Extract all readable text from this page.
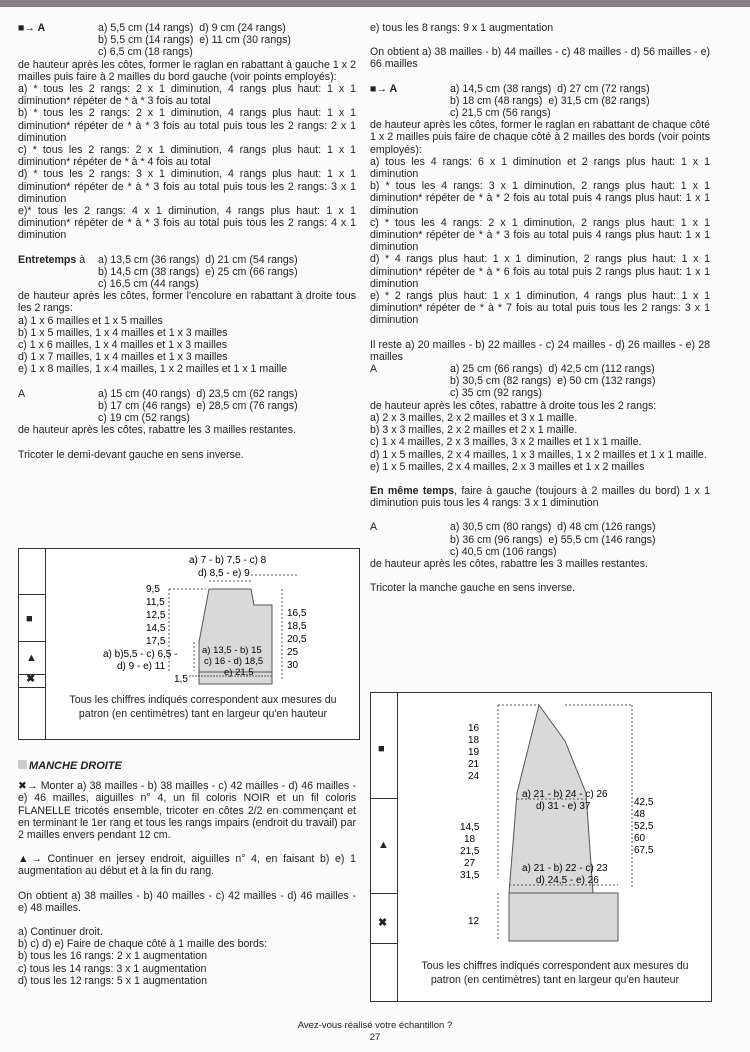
■→ A	a) 5,5 cm (14 rangs) d) 9 cm (24 rangs)
b) 5,5 cm (14 rangs) e) 11 cm (30 rangs)
c) 6,5 cm (18 rangs)

de hauteur après les côtes, former le raglan en rabattant à gauche 1 x 2 mailles puis faire à 2 mailles du bord gauche (voir points employés):

a) * tous les 2 rangs: 2 x 1 diminution, 4 rangs plus haut: 1 x 1 diminution* répéter de * à * 3 fois au total

b) * tous les 2 rangs: 2 x 1 diminution, 4 rangs plus haut: 1 x 1 diminution* répéter de * à * 3 fois au total puis tous les 2 rangs: 2 x 1 diminution

c) * tous les 2 rangs: 2 x 1 diminution, 4 rangs plus haut: 1 x 1 diminution* répéter de * à * 4 fois au total

d) * tous les 2 rangs: 3 x 1 diminution, 4 rangs plus haut: 1 x 1 diminution* répéter de * à * 3 fois au total puis tous les 2 rangs: 3 x 1 diminution

e)* tous les 2 rangs: 4 x 1 diminution, 4 rangs plus haut: 1 x 1 diminution* répéter de * à * 3 fois au total puis tous les 2 rangs: 4 x 1 diminution

Entretemps à	a) 13,5 cm (36 rangs) d) 21 cm (54 rangs)
b) 14,5 cm (38 rangs) e) 25 cm (66 rangs)
c) 16,5 cm (44 rangs)

de hauteur après les côtes, former l'encolure en rabattant à droite tous les 2 rangs:

a) 1 x 6 mailles et 1 x 5 mailles

b) 1 x 5 mailles, 1 x 4 mailles et 1 x 3 mailles

c) 1 x 6 mailles, 1 x 4 mailles et 1 x 3 mailles

d) 1 x 7 mailles, 1 x 4 mailles et 1 x 3 mailles

e) 1 x 8 mailles, 1 x 4 mailles, 1 x 2 mailles et 1 x 1 maille

A	a) 15 cm (40 rangs) d) 23,5 cm (62 rangs)
b) 17 cm (46 rangs) e) 28,5 cm (76 rangs)
c) 19 cm (52 rangs)

de hauteur après les côtes, rabattre les 3 mailles restantes.

Tricoter le demi-devant gauche en sens inverse.

■
▲
✖
a) 7 - b) 7,5 - c) 8
d) 8,5 - e) 9
9,5
11,5
12,5
14,5
17,5
16,5
18,5
20,5
25
30
a) 13,5 - b) 15
c) 16 - d) 18,5
e) 21,5
a) b)5,5 - c) 6,5 -
d) 9 - e) 11
1,5
Tous les chiffres indiqués correspondent aux mesures du patron (en centimètres) tant en largeur qu'en hauteur

MANCHE DROITE

✖→ Monter a) 38 mailles - b) 38 mailles - c) 42 mailles - d) 46 mailles - e) 46 mailles, aiguilles n° 4, un fil coloris NOIR et un fil coloris FLANELLE tricotés ensemble, tricoter en côtes 2/2 en commençant et en terminant le 1er rang et tous les rangs impairs (endroit du travail) par 2 mailles envers pendant 12 cm.

▲→ Continuer en jersey endroit, aiguilles n° 4, en faisant b) e) 1 augmentation au début et à la fin du rang.

On obtient a) 38 mailles - b) 40 mailles - c) 42 mailles - d) 46 mailles - e) 48 mailles.

a) Continuer droit.

b) c) d) e) Faire de chaque côté à 1 maille des bords:

b) tous les 16 rangs: 2 x 1 augmentation

c) tous les 14 rangs: 3 x 1 augmentation

d) tous les 12 rangs: 5 x 1 augmentation

e) tous les 8 rangs: 9 x 1 augmentation

On obtient a) 38 mailles - b) 44 mailles - c) 48 mailles - d) 56 mailles - e) 66 mailles

■→ A	a) 14,5 cm (38 rangs) d) 27 cm (72 rangs)
b) 18 cm (48 rangs) e) 31,5 cm (82 rangs)
c) 21,5 cm (56 rangs)

de hauteur après les côtes, former le raglan en rabattant de chaque côté 1 x 2 mailles puis faire de chaque côté à 2 mailles des bords (voir points employés):

a) tous les 4 rangs: 6 x 1 diminution et 2 rangs plus haut: 1 x 1 diminution

b) * tous les 4 rangs: 3 x 1 diminution, 2 rangs plus haut: 1 x 1 diminution* répéter de * à * 2 fois au total puis 4 rangs plus haut: 1 x 1 diminution

c) * tous les 4 rangs: 2 x 1 diminution, 2 rangs plus haut: 1 x 1 diminution* répéter de * à * 3 fois au total puis 4 rangs plus haut: 1 x 1 diminution

d) * 4 rangs plus haut: 1 x 1 diminution, 2 rangs plus haut: 1 x 1 diminution* répéter de * à * 6 fois au total puis 2 rangs plus haut: 1 x 1 diminution

e) * 2 rangs plus haut: 1 x 1 diminution, 4 rangs plus haut: 1 x 1 diminution* répéter de * à * 7 fois au total puis tous les 2 rangs: 3 x 1 diminution

Il reste a) 20 mailles - b) 22 mailles - c) 24 mailles - d) 26 mailles - e) 28 mailles

A	a) 25 cm (66 rangs) d) 42,5 cm (112 rangs)
b) 30,5 cm (82 rangs) e) 50 cm (132 rangs)
c) 35 cm (92 rangs)

de hauteur après les côtes, rabattre à droite tous les 2 rangs:

a) 2 x 3 mailles, 2 x 2 mailles et 3 x 1 maille.

b) 3 x 3 mailles, 2 x 2 mailles et 2 x 1 maille.

c) 1 x 4 mailles, 2 x 3 mailles, 3 x 2 mailles et 1 x 1 maille.

d) 1 x 5 mailles, 2 x 4 mailles, 1 x 3 mailles, 1 x 2 mailles et 1 x 1 maille.

e) 1 x 5 mailles, 2 x 4 mailles, 2 x 3 mailles et 1 x 2 mailles

En même temps, faire à gauche (toujours à 2 mailles du bord) 1 x 1 diminution puis tous les 4 rangs: 3 x 1 diminution

A	a) 30,5 cm (80 rangs) d) 48 cm (126 rangs)
b) 36 cm (96 rangs) e) 55,5 cm (146 rangs)
c) 40,5 cm (106 rangs)

de hauteur après les côtes, rabattre les 3 mailles restantes.

Tricoter la manche gauche en sens inverse.

■
▲
✖
16
18
19
21
24
14,5
18
21,5
27
31,5
12
42,5
48
52,5
60
67,5
a) 21 - b) 24 - c) 26
d) 31 - e) 37
a) 21 - b) 22 - c) 23
d) 24,5 - e) 26
Tous les chiffres indiqués correspondent aux mesures du patron (en centimètres) tant en largeur qu'en hauteur
Avez-vous réalisé votre échantillon ?
27
